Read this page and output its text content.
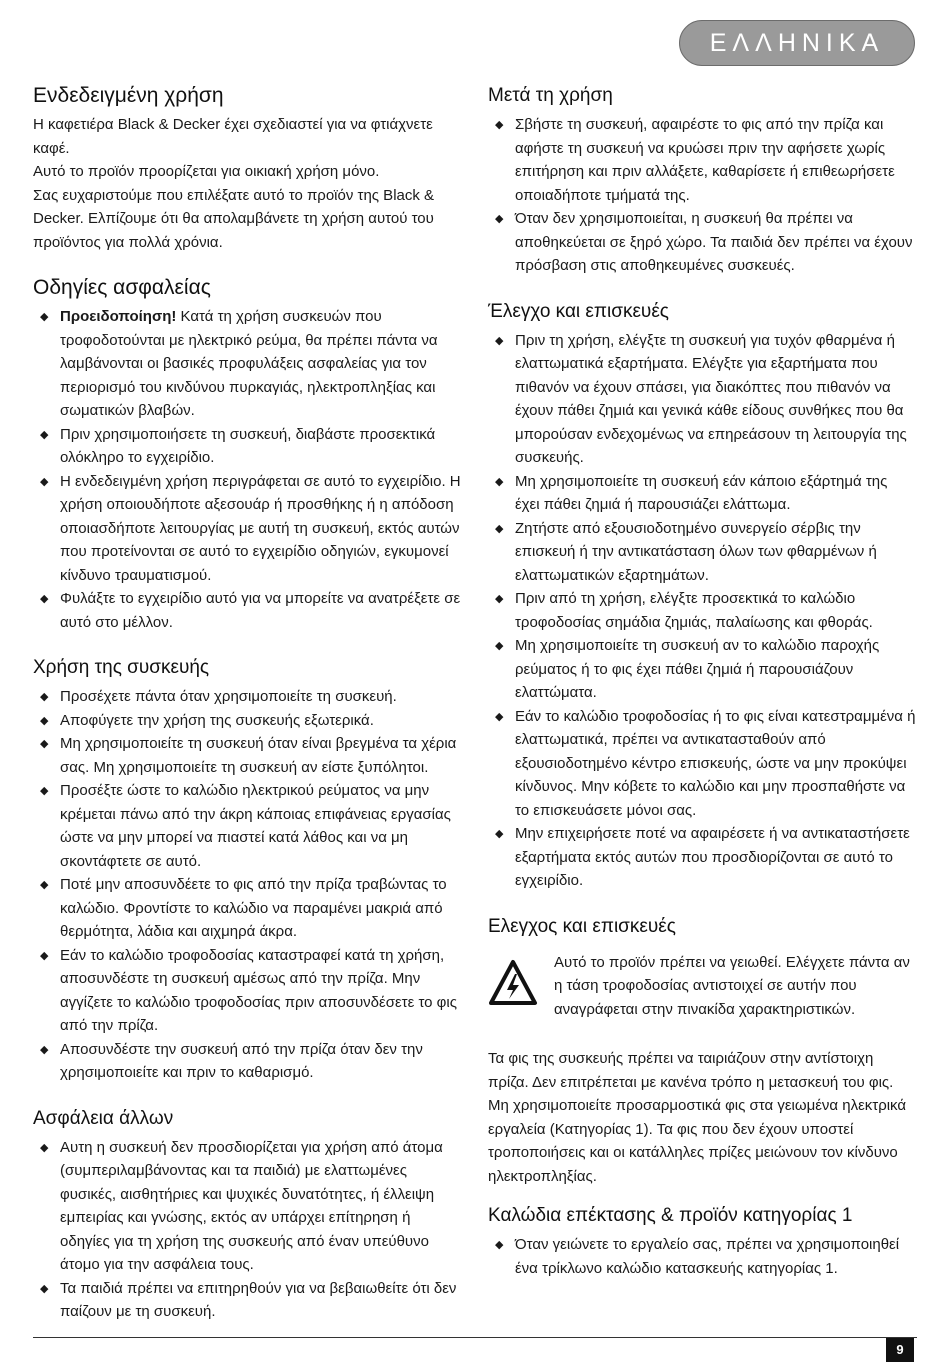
ΕΛΛΗΝΙΚΑ
Ενδεδειγμένη χρήση

Η καφετιέρα Black & Decker έχει σχεδιαστεί για να φτιάχνετε καφέ.

Αυτό το προϊόν προορίζεται για οικιακή χρήση μόνο.

Σας ευχαριστούμε που επιλέξατε αυτό το προϊόν της Black & Decker. Ελπίζουμε ότι θα απολαμβάνετε τη χρήση αυτού του προϊόντος για πολλά χρόνια.

Οδηγίες ασφαλείας
◆ Προειδοποίηση! Κατά τη χρήση συσκευών που τροφοδοτούνται με ηλεκτρικό ρεύμα, θα πρέπει πάντα να λαμβάνονται οι βασικές προφυλάξεις ασφαλείας για τον περιορισμό του κινδύνου πυρκαγιάς, ηλεκτροπληξίας και σωματικών βλαβών.
◆ Πριν χρησιμοποιήσετε τη συσκευή, διαβάστε προσεκτικά ολόκληρο το εγχειρίδιο.
◆ Η ενδεδειγμένη χρήση περιγράφεται σε αυτό το εγχειρίδιο. Η χρήση οποιουδήποτε αξεσουάρ ή προσθήκης ή η απόδοση οποιασδήποτε λειτουργίας με αυτή τη συσκευή, εκτός αυτών που προτείνονται σε αυτό το εγχειρίδιο οδηγιών, εγκυμονεί κίνδυνο τραυματισμού.
◆ Φυλάξτε το εγχειρίδιο αυτό για να μπορείτε να ανατρέξετε σε αυτό στο μέλλον.
Χρήση της συσκευής
◆ Προσέχετε πάντα όταν χρησιμοποιείτε τη συσκευή.
◆ Αποφύγετε την χρήση της συσκευής εξωτερικά.
◆ Μη χρησιμοποιείτε τη συσκευή όταν είναι βρεγμένα τα χέρια σας. Μη χρησιμοποιείτε τη συσκευή αν είστε ξυπόλητοι.
◆ Προσέξτε ώστε το καλώδιο ηλεκτρικού ρεύματος να μην κρέμεται πάνω από την άκρη κάποιας επιφάνειας εργασίας ώστε να μην μπορεί να πιαστεί κατά λάθος και να μη σκοντάφτετε σε αυτό.
◆ Ποτέ μην αποσυνδέετε το φις από την πρίζα τραβώντας το καλώδιο. Φροντίστε το καλώδιο να παραμένει μακριά από θερμότητα, λάδια και αιχμηρά άκρα.
◆ Εάν το καλώδιο τροφοδοσίας καταστραφεί κατά τη χρήση, αποσυνδέστε τη συσκευή αμέσως από την πρίζα. Μην αγγίζετε το καλώδιο τροφοδοσίας πριν αποσυνδέσετε το φις από την πρίζα.
◆ Αποσυνδέστε την συσκευή από την πρίζα όταν δεν την χρησιμοποιείτε και πριν το καθαρισμό.
Ασφάλεια άλλων
◆ Αυτη η συσκευή δεν προσδιορίζεται για χρήση από άτομα (συμπεριλαμβάνοντας και τα παιδιά) με ελαττωμένες φυσικές, αισθητήριες και ψυχικές δυνατότητες, ή έλλειψη εμπειρίας και γνώσης, εκτός αν υπάρχει επίτηρηση ή οδηγίες για τη χρήση της συσκευής από έναν υπεύθυνο άτομο για την ασφάλεια τους.
◆ Τα παιδιά πρέπει να επιτηρηθούν για να βεβαιωθείτε ότι δεν παίζουν με τη συσκευή.
Μετά τη χρήση
◆ Σβήστε τη συσκευή, αφαιρέστε το φις από την πρίζα και αφήστε τη συσκευή να κρυώσει πριν την αφήσετε χωρίς επιτήρηση και πριν αλλάξετε, καθαρίσετε ή επιθεωρήσετε οποιαδήποτε τμήματά της.
◆ Όταν δεν χρησιμοποιείται, η συσκευή θα πρέπει να αποθηκεύεται σε ξηρό χώρο. Τα παιδιά δεν πρέπει να έχουν πρόσβαση στις αποθηκευμένες συσκευές.
Έλεγχο και επισκευές
◆ Πριν τη χρήση, ελέγξτε τη συσκευή για τυχόν φθαρμένα ή ελαττωματικά εξαρτήματα. Ελέγξτε για εξαρτήματα που πιθανόν να έχουν σπάσει, για διακόπτες που πιθανόν να έχουν πάθει ζημιά και γενικά κάθε είδους συνθήκες που θα μπορούσαν ενδεχομένως να επηρεάσουν τη λειτουργία της συσκευής.
◆ Μη χρησιμοποιείτε τη συσκευή εάν κάποιο εξάρτημά της έχει πάθει ζημιά ή παρουσιάζει ελάττωμα.
◆ Ζητήστε από εξουσιοδοτημένο συνεργείο σέρβις την επισκευή ή την αντικατάσταση όλων των φθαρμένων ή ελαττωματικών εξαρτημάτων.
◆ Πριν από τη χρήση, ελέγξτε προσεκτικά το καλώδιο τροφοδοσίας σημάδια ζημιάς, παλαίωσης και φθοράς.
◆ Μη χρησιμοποιείτε τη συσκευή αν το καλώδιο παροχής ρεύματος ή το φις έχει πάθει ζημιά ή παρουσιάζουν ελαττώματα.
◆ Εάν το καλώδιο τροφοδοσίας ή το φις είναι κατεστραμμένα ή ελαττωματικά, πρέπει να αντικατασταθούν από εξουσιοδοτημένο κέντρο επισκευής, ώστε να μην προκύψει κίνδυνος. Μην κόβετε το καλώδιο και μην προσπαθήστε να το επισκευάσετε μόνοι σας.
◆ Μην επιχειρήσετε ποτέ να αφαιρέσετε ή να αντικαταστήσετε εξαρτήματα εκτός αυτών που προσδιορίζονται σε αυτό το εγχειρίδιο.
Ελεγχος και επισκευές

Αυτό το προϊόν πρέπει να γειωθεί. Ελέγχετε πάντα αν η τάση τροφοδοσίας αντιστοιχεί σε αυτήν που αναγράφεται στην πινακίδα χαρακτηριστικών.

Τα φις της συσκευής πρέπει να ταιριάζουν στην αντίστοιχη πρίζα. Δεν επιτρέπεται με κανένα τρόπο η μετασκευή του φις. Μη χρησιμοποιείτε προσαρμοστικά φις στα γειωμένα ηλεκτρικά εργαλεία (Κατηγορίας 1). Τα φις που δεν έχουν υποστεί τροποποιήσεις και οι κατάλληλες πρίζες μειώνουν τον κίνδυνο ηλεκτροπληξίας.

Καλώδια επέκτασης & προϊόν κατηγορίας 1
◆ Όταν γειώνετε το εργαλείο σας, πρέπει να χρησιμοποιηθεί ένα τρίκλωνο καλώδιο κατασκευής κατηγορίας 1.
9
